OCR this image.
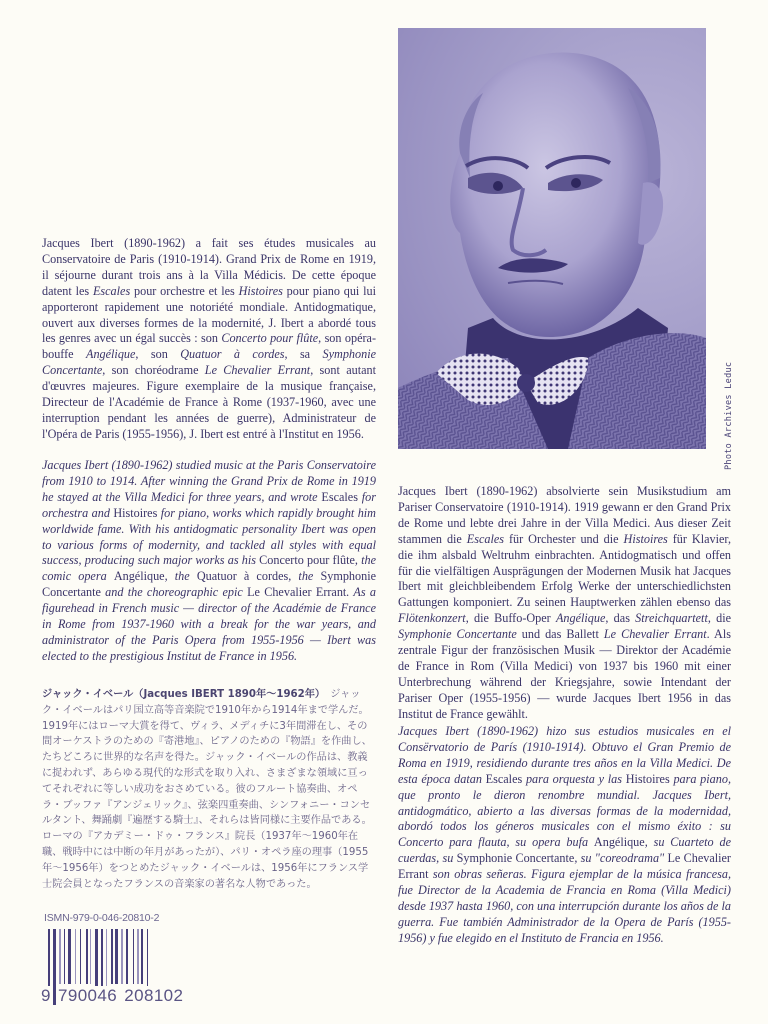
Photo Archives Leduc

Jacques Ibert (1890-1962) a fait ses études musicales au Conservatoire de Paris (1910-1914). Grand Prix de Rome en 1919, il séjourne durant trois ans à la Villa Médicis. De cette époque datent les Escales pour orchestre et les Histoires pour piano qui lui apporteront rapidement une notoriété mondiale. Antidogmatique, ouvert aux diverses formes de la modernité, J. Ibert a abordé tous les genres avec un égal succès : son Concerto pour flûte, son opéra-bouffe Angélique, son Quatuor à cordes, sa Symphonie Concertante, son choréodrame Le Chevalier Errant, sont autant d'œuvres majeures. Figure exemplaire de la musique française, Directeur de l'Académie de France à Rome (1937-1960, avec une interruption pendant les années de guerre), Administrateur de l'Opéra de Paris (1955-1956), J. Ibert est entré à l'Institut en 1956.

Jacques Ibert (1890-1962) studied music at the Paris Conservatoire from 1910 to 1914. After winning the Grand Prix de Rome in 1919 he stayed at the Villa Medici for three years, and wrote Escales for orchestra and Histoires for piano, works which rapidly brought him worldwide fame. With his antidogmatic personality Ibert was open to various forms of modernity, and tackled all styles with equal success, producing such major works as his Concerto pour flûte, the comic opera Angélique, the Quatuor à cordes, the Symphonie Concertante and the choreographic epic Le Chevalier Errant. As a figurehead in French music — director of the Académie de France in Rome from 1937-1960 with a break for the war years, and administrator of the Paris Opera from 1955-1956 — Ibert was elected to the prestigious Institut de France in 1956.

ジャック・イベール（Jacques IBERT 1890年〜1962年）　 ジャック・イベールはパリ国立高等音楽院で1910年から1914年まで学んだ。1919年にはローマ大賞を得て、ヴィラ、メディチに3年間滞在し、その間オーケストラのための『寄港地』、ピアノのための『物語』を作曲し、たちどころに世界的な名声を得た。ジャック・イベールの作品は、教義に捉われず、あらゆる現代的な形式を取り入れ、さまざまな領域に亘ってそれぞれに等しい成功をおさめている。彼のフルート協奏曲、オペラ・ブッファ『アンジェリック』、弦楽四重奏曲、シンフォニー・コンセルタント、舞踊劇『遍歴する騎士』、それらは皆同様に主要作品である。ローマの『アカデミー・ドゥ・フランス』院長（1937年〜1960年在職、戦時中には中断の年月があったが）、パリ・オペラ座の理事（1955年〜1956年）をつとめたジャック・イベールは、1956年にフランス学士院会員となったフランスの音楽家の著名な人物であった。

Jacques Ibert (1890-1962) absolvierte sein Musikstudium am Pariser Conservatoire (1910-1914). 1919 gewann er den Grand Prix de Rome und lebte drei Jahre in der Villa Medici. Aus dieser Zeit stammen die Escales für Orchester und die Histoires für Klavier, die ihm alsbald Weltruhm einbrachten. Antidogmatisch und offen für die vielfältigen Ausprägungen der Modernen Musik hat Jacques Ibert mit gleichbleibendem Erfolg Werke der unterschiedlichsten Gattungen komponiert. Zu seinen Hauptwerken zählen ebenso das Flötenkonzert, die Buffo-Oper Angélique, das Streichquartett, die Symphonie Concertante und das Ballett Le Chevalier Errant. Als zentrale Figur der französischen Musik — Direktor der Académie de France in Rom (Villa Medici) von 1937 bis 1960 mit einer Unterbrechung während der Kriegsjahre, sowie Intendant der Pariser Oper (1955-1956) — wurde Jacques Ibert 1956 in das Institut de France gewählt.

Jacques Ibert (1890-1962) hizo sus estudios musicales en el Consërvatorio de París (1910-1914). Obtuvo el Gran Premio de Roma en 1919, residiendo durante tres años en la Villa Medici. De esta época datan Escales para orquesta y las Histoires para piano, que pronto le dieron renombre mundial. Jacques Ibert, antidogmático, abierto a las diversas formas de la modernidad, abordó todos los géneros musicales con el mismo éxito : su Concerto para flauta, su opera bufa Angélique, su Cuarteto de cuerdas, su Symphonie Concertante, su "coreodrama" Le Chevalier Errant son obras señeras. Figura ejemplar de la música francesa, fue Director de la Academia de Francia en Roma (Villa Medici) desde 1937 hasta 1960, con una interrupción durante los años de la guerra. Fue también Administrador de la Opera de París (1955-1956) y fue elegido en el Instituto de Francia en 1956.

ISMN-979-0-046-20810-2
9 790046 208102
